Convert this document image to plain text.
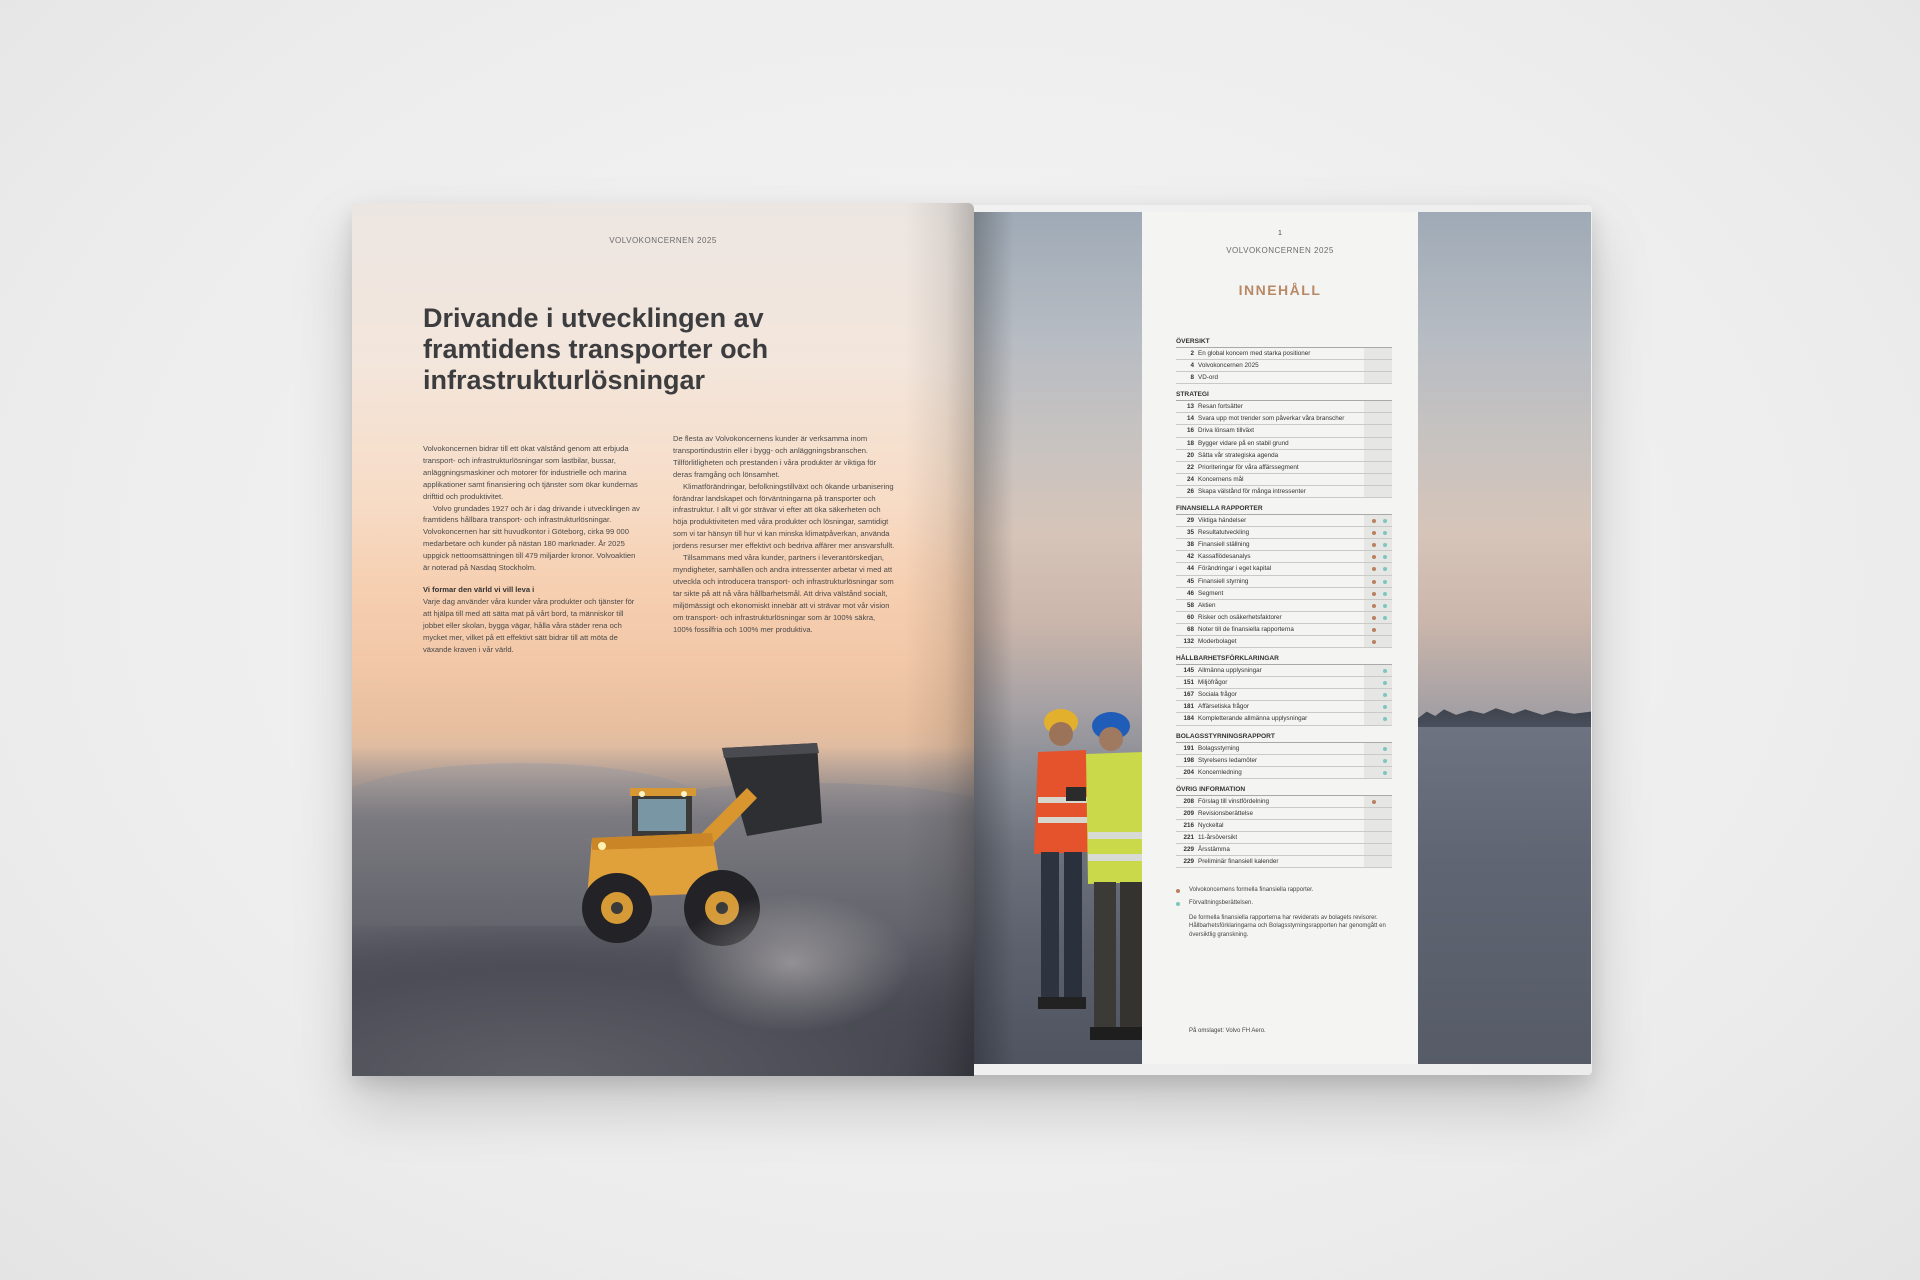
VOLVOKONCERNEN 2025
Drivande i utvecklingen av framtidens transporter och infrastrukturlösningar

Volvokoncernen bidrar till ett ökat välstånd genom att erbjuda transport- och infrastrukturlösningar som lastbilar, bussar, anläggningsmaskiner och motorer för industrielle och marina applikationer samt finansiering och tjänster som ökar kundernas drifttid och produktivitet.

Volvo grundades 1927 och är i dag drivande i utvecklingen av framtidens hållbara transport- och infrastrukturlösningar. Volvokoncernen har sitt huvudkontor i Göteborg, cirka 99 000 medarbetare och kunder på nästan 180 marknader. År 2025 uppgick nettoomsättningen till 479 miljarder kronor. Volvoaktien är noterad på Nasdaq Stockholm.

Vi formar den värld vi vill leva i

Varje dag använder våra kunder våra produkter och tjänster för att hjälpa till med att sätta mat på vårt bord, ta människor till jobbet eller skolan, bygga vägar, hålla våra städer rena och mycket mer, vilket på ett effektivt sätt bidrar till att möta de växande kraven i vår värld.

De flesta av Volvokoncernens kunder är verksamma inom transportindustrin eller i bygg- och anläggningsbranschen. Tillförlitligheten och prestanden i våra produkter är viktiga för deras framgång och lönsamhet.

Klimatförändringar, befolkningstillväxt och ökande urbanisering förändrar landskapet och förväntningarna på transporter och infrastruktur. I allt vi gör strävar vi efter att öka säkerheten och höja produktiviteten med våra produkter och lösningar, samtidigt som vi tar hänsyn till hur vi kan minska klimatpåverkan, använda jordens resurser mer effektivt och bedriva affärer mer ansvarsfullt.

Tillsammans med våra kunder, partners i leverantörskedjan, myndigheter, samhällen och andra intressenter arbetar vi med att utveckla och introducera transport- och infrastrukturlösningar som tar sikte på att nå våra hållbarhetsmål. Att driva välstånd socialt, miljömässigt och ekonomiskt innebär att vi strävar mot vår vision om transport- och infrastrukturlösningar som är 100% säkra, 100% fossilfria och 100% mer produktiva.

1
VOLVOKONCERNEN 2025
INNEHÅLL
ÖVERSIKT
2 En global koncern med starka positioner
4 Volvokoncernen 2025
8 VD-ord
STRATEGI
13 Resan fortsätter
14 Svara upp mot trender som påverkar våra branscher
16 Driva lönsam tillväxt
18 Bygger vidare på en stabil grund
20 Sätta vår strategiska agenda
22 Prioriteringar för våra affärssegment
24 Koncernens mål
26 Skapa välstånd för många intressenter
FINANSIELLA RAPPORTER
29 Viktiga händelser
35 Resultatutveckling
38 Finansiell ställning
42 Kassaflödesanalys
44 Förändringar i eget kapital
45 Finansiell styrning
46 Segment
58 Aktien
60 Risker och osäkerhetsfaktorer
68 Noter till de finansiella rapporterna
132 Moderbolaget
HÅLLBARHETSFÖRKLARINGAR
145 Allmänna upplysningar
151 Miljöfrågor
167 Sociala frågor
181 Affärsetiska frågor
184 Kompletterande allmänna upplysningar
BOLAGSSTYRNINGSRAPPORT
191 Bolagsstyrning
198 Styrelsens ledamöter
204 Koncernledning
ÖVRIG INFORMATION
208 Förslag till vinstfördelning
209 Revisionsberättelse
216 Nyckeltal
221 11-årsöversikt
229 Årsstämma
229 Preliminär finansiell kalender
Volvokoncernens formella finansiella rapporter.
Förvaltningsberättelsen.
De formella finansiella rapporterna har reviderats av bolagets revisorer. Hållbarhetsförklaringarna och Bolagsstyrningsrapporten har genomgått en översiktlig granskning.
På omslaget: Volvo FH Aero.
